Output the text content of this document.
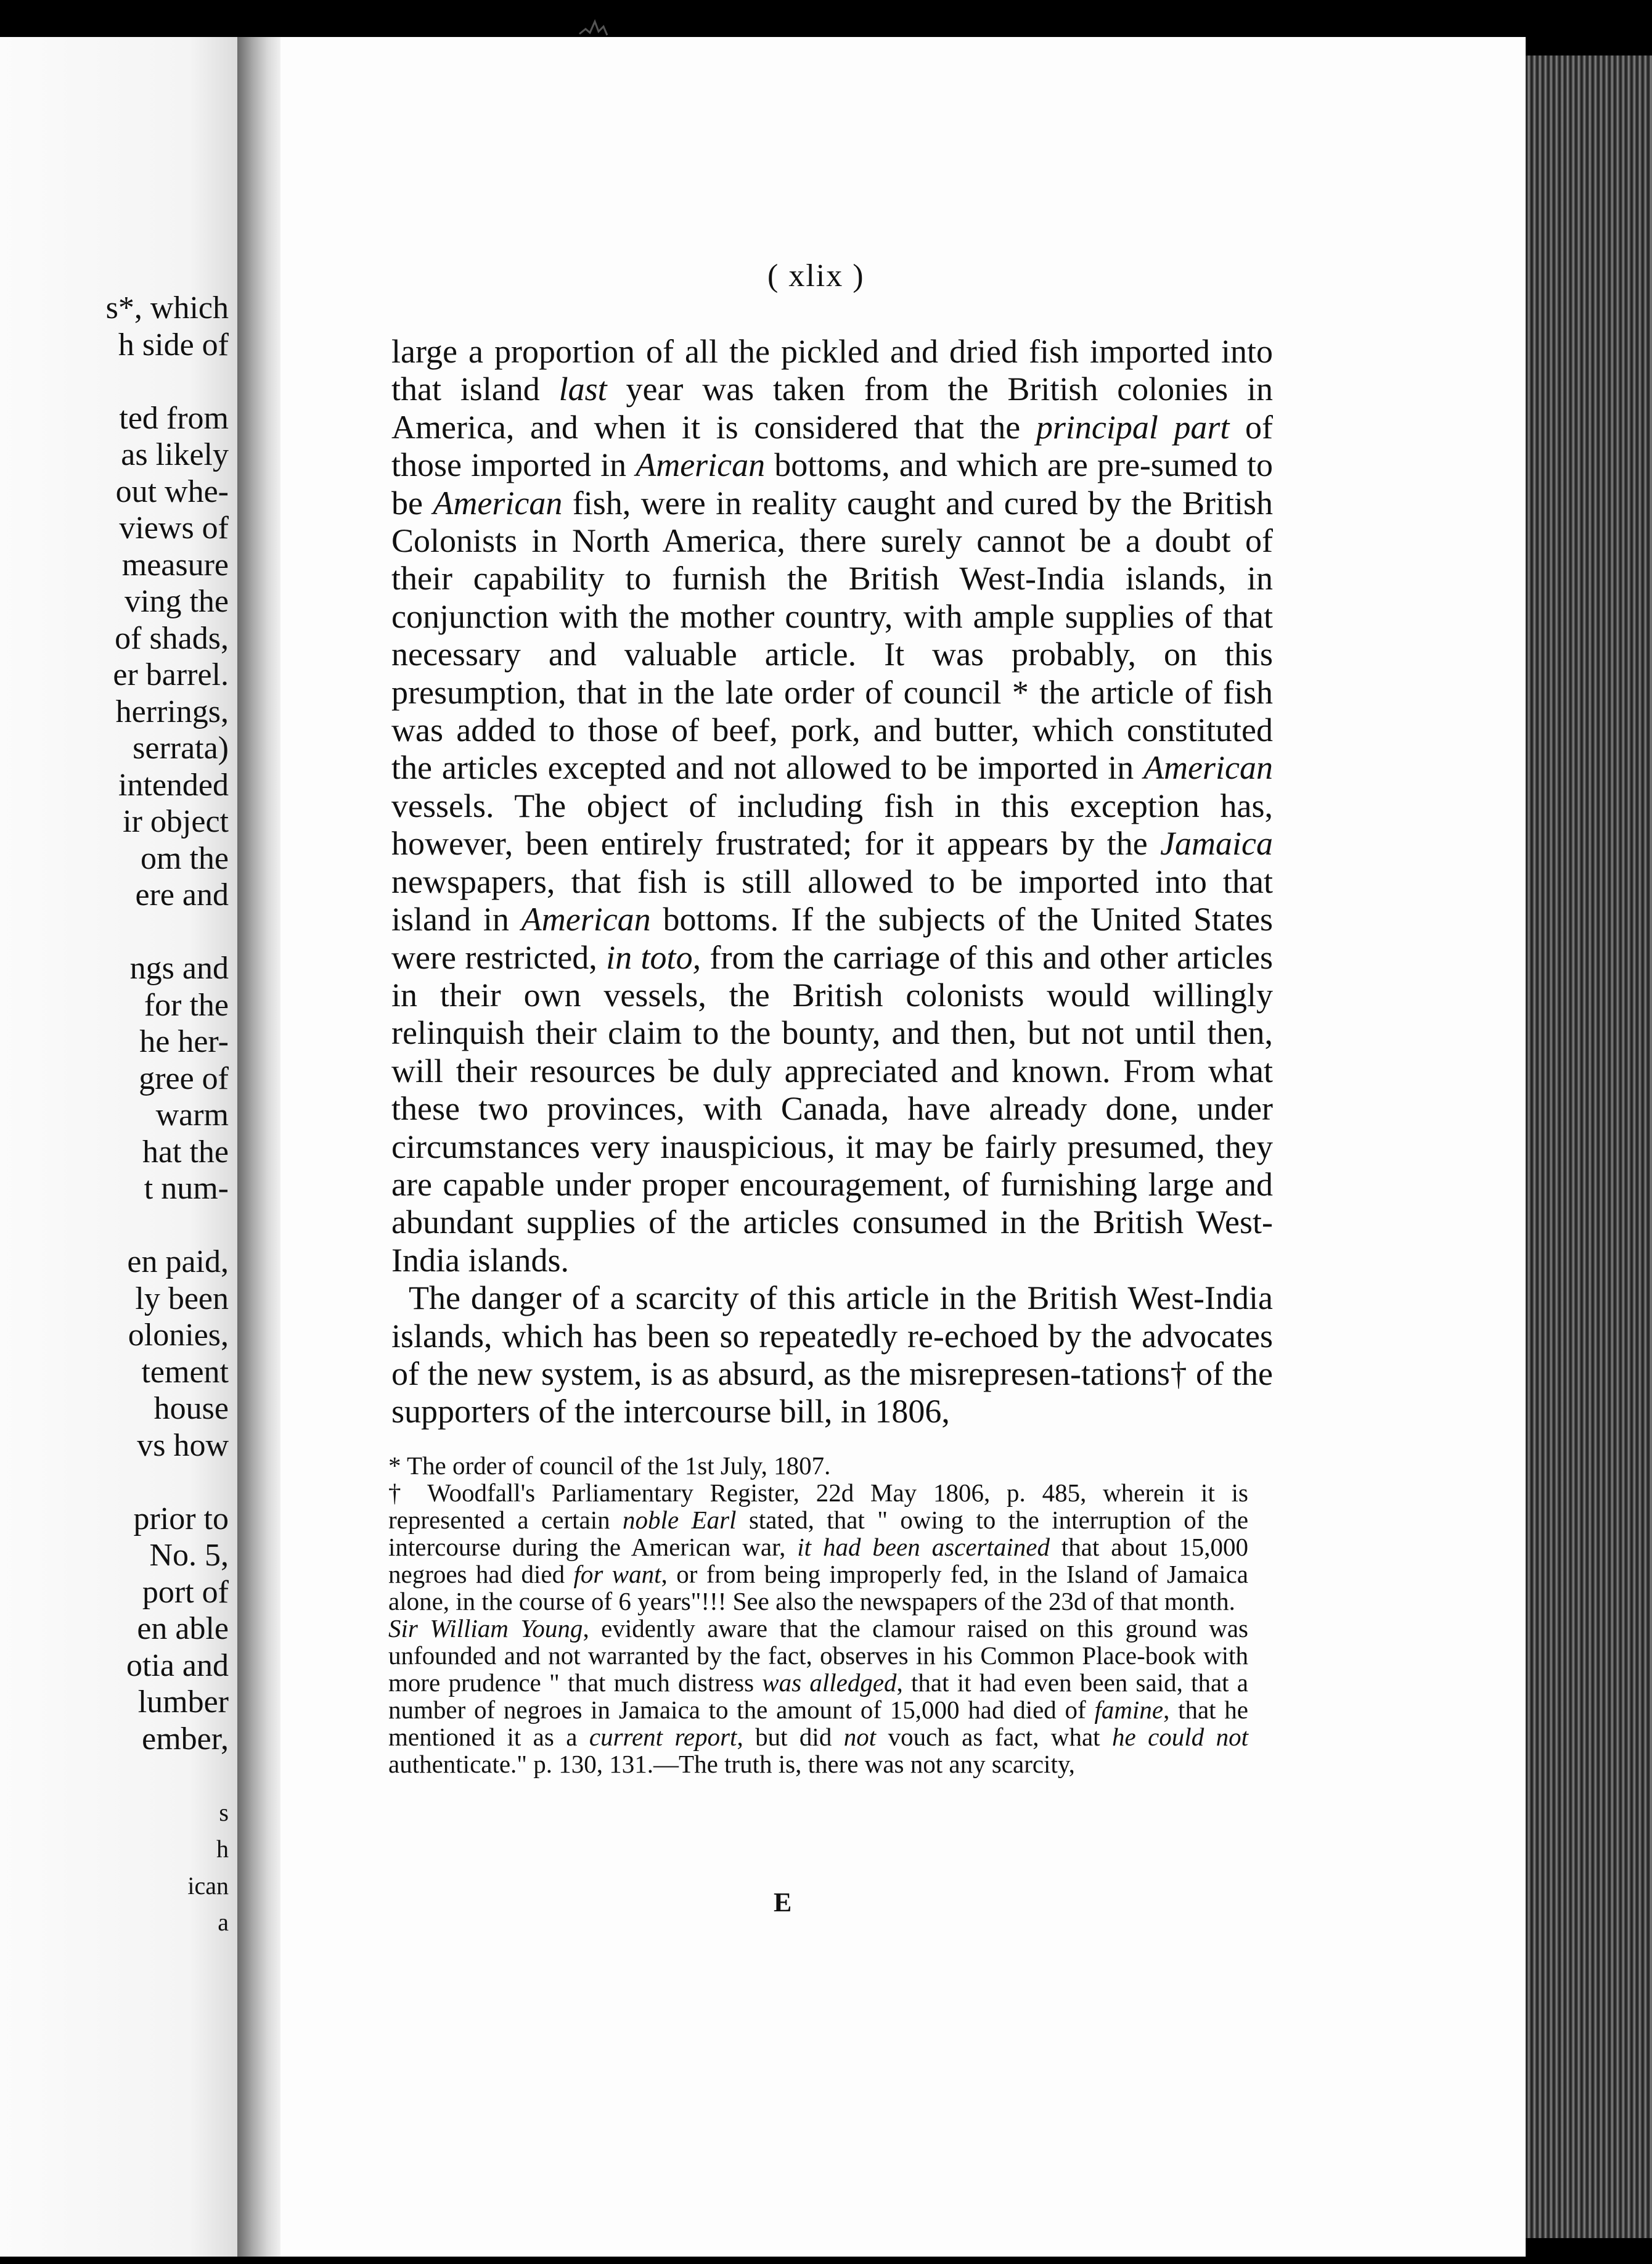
s*, which
h side of
ted from
as likely
out whe-
views of
measure
ving the
of shads,
er barrel.
herrings,
serrata)
intended
ir object
om the
ere and
ngs and
for the
he her-
gree of
warm
hat the
t num-
en paid,
ly been
olonies,
tement
house
vs how
prior to
No. 5,
port of
en able
otia and
lumber
ember,
s
h
ican
a
( xlix )

large a proportion of all the pickled and dried fish imported into that island last year was taken from the British colonies in America, and when it is considered that the principal part of those imported in American bottoms, and which are pre-sumed to be American fish, were in reality caught and cured by the British Colonists in North America, there surely cannot be a doubt of their capability to furnish the British West-India islands, in conjunction with the mother country, with ample supplies of that necessary and valuable article. It was probably, on this presumption, that in the late order of council * the article of fish was added to those of beef, pork, and butter, which constituted the articles excepted and not allowed to be imported in American vessels. The object of including fish in this exception has, however, been entirely frustrated; for it appears by the Jamaica newspapers, that fish is still allowed to be imported into that island in American bottoms. If the subjects of the United States were restricted, in toto, from the carriage of this and other articles in their own vessels, the British colonists would willingly relinquish their claim to the bounty, and then, but not until then, will their resources be duly appreciated and known. From what these two provinces, with Canada, have already done, under circumstances very inauspicious, it may be fairly presumed, they are capable under proper encouragement, of furnishing large and abundant supplies of the articles consumed in the British West-India islands.

The danger of a scarcity of this article in the British West-India islands, which has been so repeatedly re-echoed by the advocates of the new system, is as absurd, as the misrepresen-tations† of the supporters of the intercourse bill, in 1806,

* The order of council of the 1st July, 1807.

† Woodfall's Parliamentary Register, 22d May 1806, p. 485, wherein it is represented a certain noble Earl stated, that " owing to the interruption of the intercourse during the American war, it had been ascertained that about 15,000 negroes had died for want, or from being improperly fed, in the Island of Jamaica alone, in the course of 6 years"!!! See also the newspapers of the 23d of that month.

Sir William Young, evidently aware that the clamour raised on this ground was unfounded and not warranted by the fact, observes in his Common Place-book with more prudence " that much distress was alledged, that it had even been said, that a number of negroes in Jamaica to the amount of 15,000 had died of famine, that he mentioned it as a current report, but did not vouch as fact, what he could not authenticate." p. 130, 131.—The truth is, there was not any scarcity,

E
